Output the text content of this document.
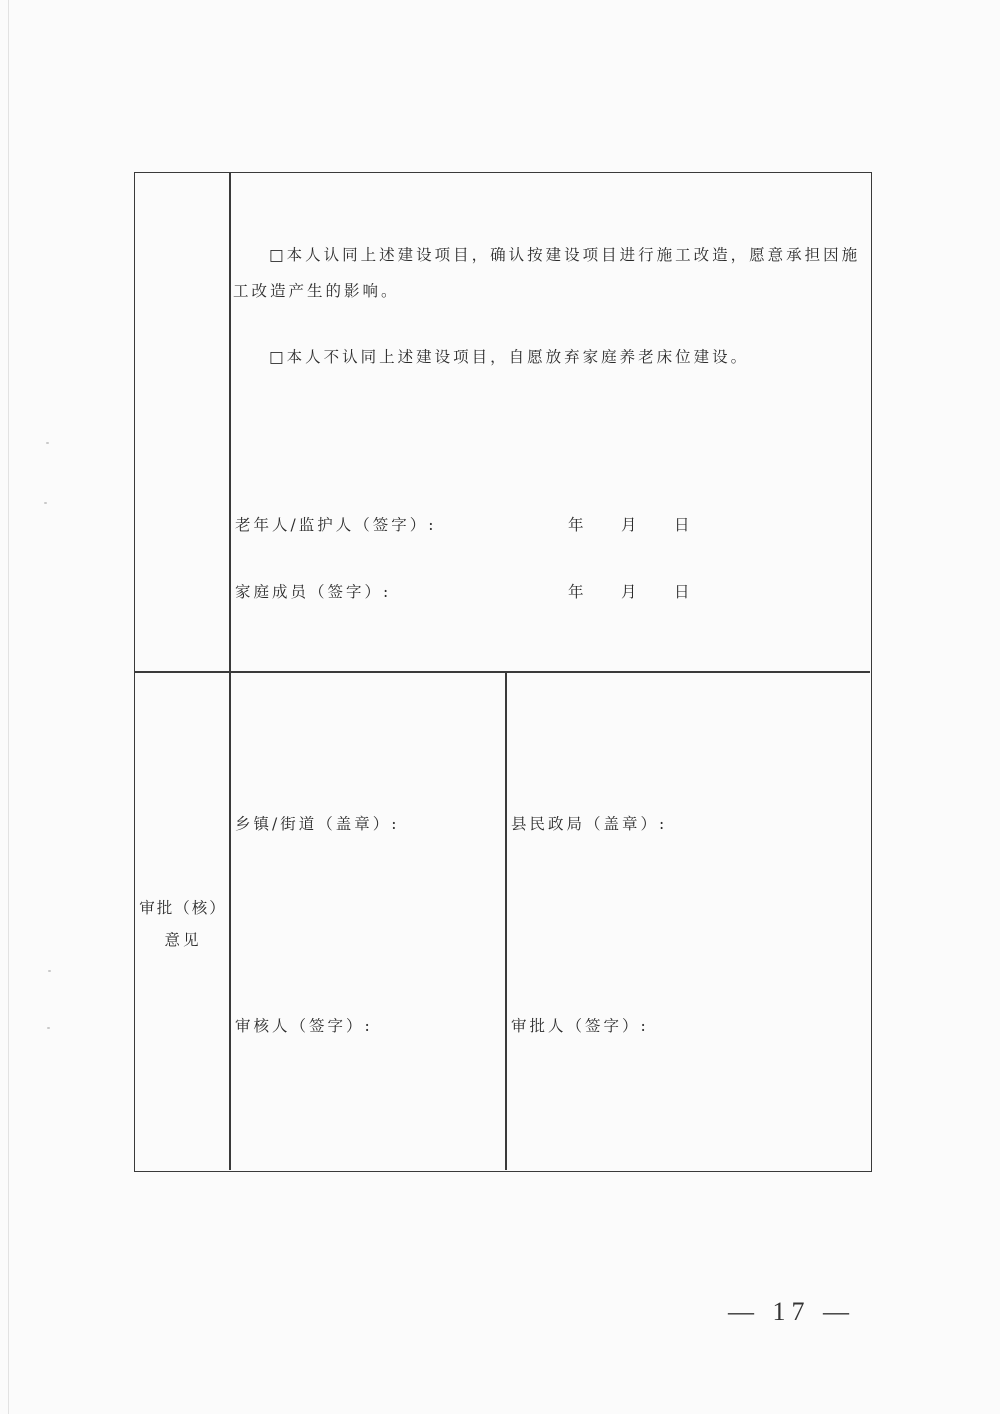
□本人认同上述建设项目，确认按建设项目进行施工改造，愿意承担因施工改造产生的影响。
□本人不认同上述建设项目，自愿放弃家庭养老床位建设。
老年人/监护人（签字）:	年 月 日
家庭成员（签字）:	年 月 日
审批（核）
意见
乡镇/街道（盖章）:	县民政局（盖章）:
审核人（签字）:	审批人（签字）:
— 17 —
